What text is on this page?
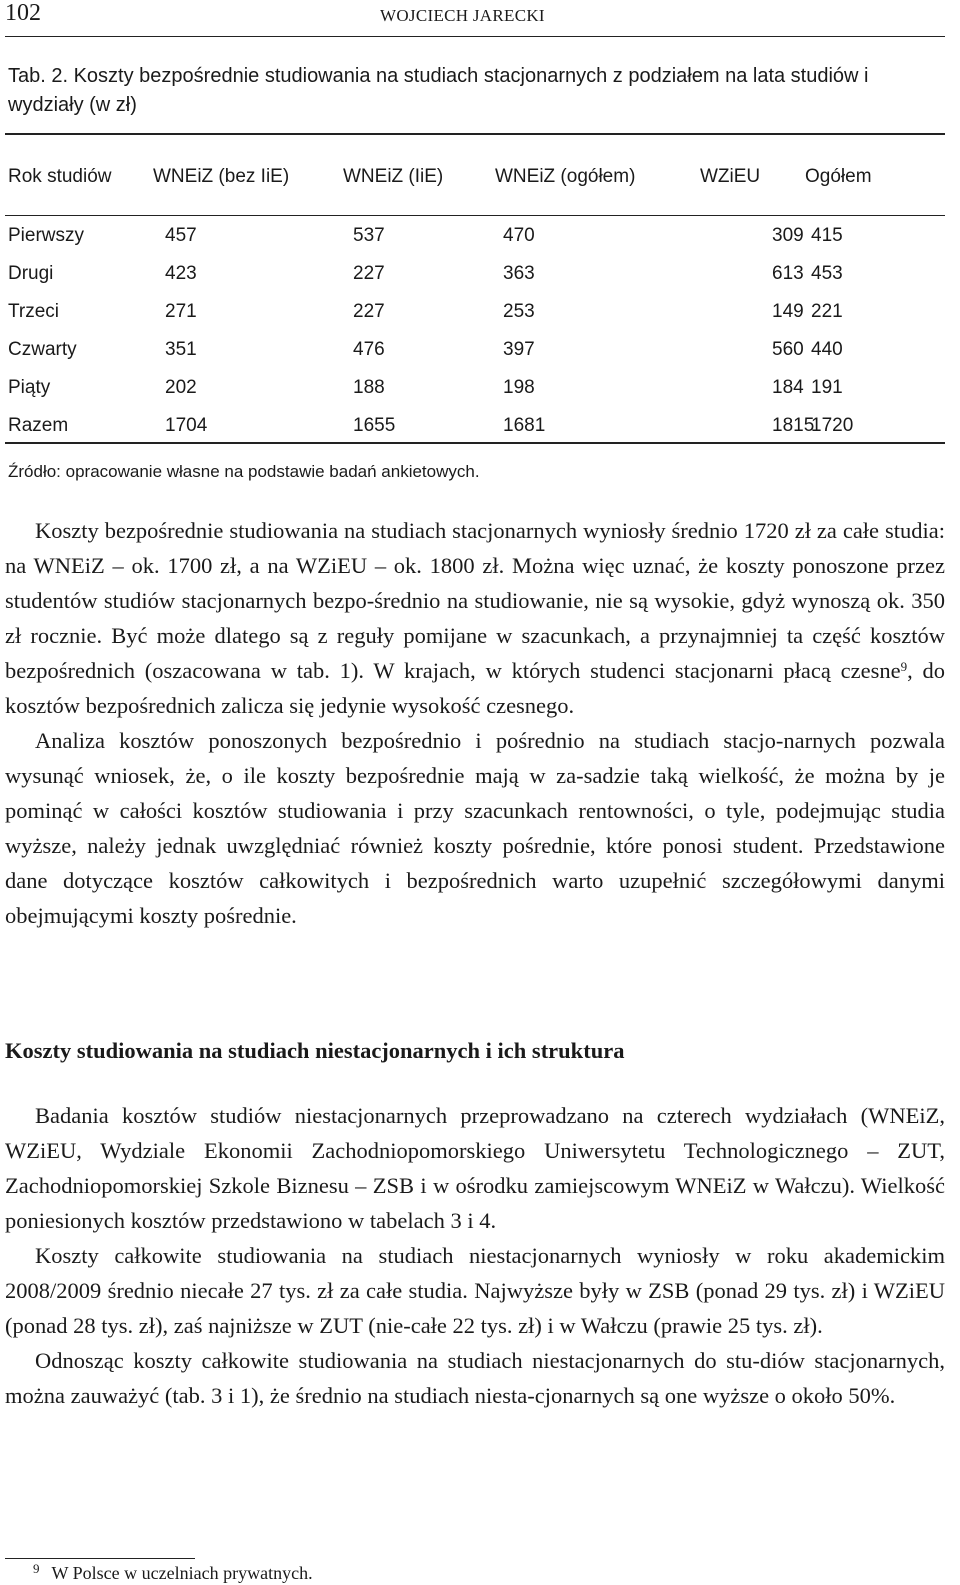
102	WOJCIECH JARECKI
Tab. 2. Koszty bezpośrednie studiowania na studiach stacjonarnych z podziałem na lata studiów i wydziały (w zł)
Rok studiów	WNEiZ (bez IiE)	WNEiZ (IiE)	WNEiZ (ogółem)	WZiEU	Ogółem

Pierwszy	457	537	470	309	415
Drugi	423	227	363	613	453
Trzeci	271	227	253	149	221
Czwarty	351	476	397	560	440
Piąty	202	188	198	184	191
Razem	1704	1655	1681	1815	1720
Źródło: opracowanie własne na podstawie badań ankietowych.

Koszty bezpośrednie studiowania na studiach stacjonarnych wyniosły średnio 1720 zł za całe studia: na WNEiZ – ok. 1700 zł, a na WZiEU – ok. 1800 zł. Można więc uznać, że koszty ponoszone przez studentów studiów stacjonarnych bezpo-średnio na studiowanie, nie są wysokie, gdyż wynoszą ok. 350 zł rocznie. Być może dlatego są z reguły pomijane w szacunkach, a przynajmniej ta część kosztów bezpośrednich (oszacowana w tab. 1). W krajach, w których studenci stacjonarni płacą czesne$^9$, do kosztów bezpośrednich zalicza się jedynie wysokość czesnego.

Analiza kosztów ponoszonych bezpośrednio i pośrednio na studiach stacjo-narnych pozwala wysunąć wniosek, że, o ile koszty bezpośrednie mają w za-sadzie taką wielkość, że można by je pominąć w całości kosztów studiowania i przy szacunkach rentowności, o tyle, podejmując studia wyższe, należy jednak uwzględniać również koszty pośrednie, które ponosi student. Przedstawione dane dotyczące kosztów całkowitych i bezpośrednich warto uzupełnić szczegółowymi danymi obejmującymi koszty pośrednie.

Koszty studiowania na studiach niestacjonarnych i ich struktura

Badania kosztów studiów niestacjonarnych przeprowadzano na czterech wydziałach (WNEiZ, WZiEU, Wydziale Ekonomii Zachodniopomorskiego Uniwersytetu Technologicznego – ZUT, Zachodniopomorskiej Szkole Biznesu – ZSB i w ośrodku zamiejscowym WNEiZ w Wałczu). Wielkość poniesionych kosztów przedstawiono w tabelach 3 i 4.

Koszty całkowite studiowania na studiach niestacjonarnych wyniosły w roku akademickim 2008/2009 średnio niecałe 27 tys. zł za całe studia. Najwyższe były w ZSB (ponad 29 tys. zł) i WZiEU (ponad 28 tys. zł), zaś najniższe w ZUT (nie-całe 22 tys. zł) i w Wałczu (prawie 25 tys. zł).

Odnosząc koszty całkowite studiowania na studiach niestacjonarnych do stu-diów stacjonarnych, można zauważyć (tab. 3 i 1), że średnio na studiach niesta-cjonarnych są one wyższe o około 50%.

$^9$ W Polsce w uczelniach prywatnych.
